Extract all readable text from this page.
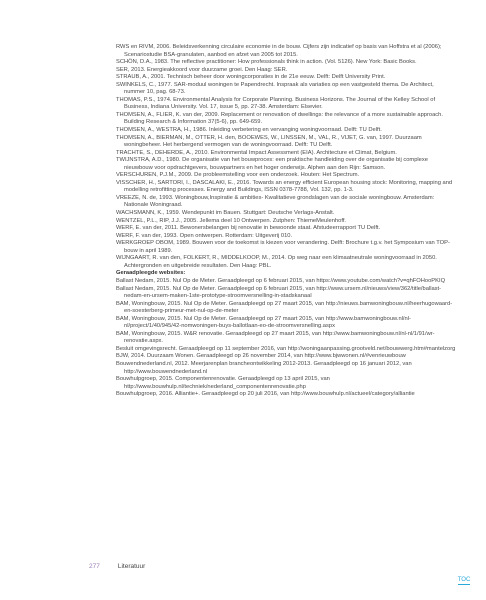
RWS en RIVM, 2006. Beleidsverkenning circulaire economie in de bouw. Cijfers zijn indicatief op basis van Hoffstra et al (2006); Scenariostudie BSA-granulaten, aanbod en afzet van 2005 tot 2015.
SCHÖN, D.A., 1983. The reflective practitioner: How professionals think in action. (Vol. 5126). New York: Basic Books.
SER, 2013. Energieakkoord voor duurzame groei. Den Haag: SER.
STRAUB, A., 2001. Technisch beheer door woningcorporaties in de 21e eeuw. Delft: Delft University Print.
SWINKELS, C., 1977. SAR-moduul woningen te Papendrecht. Inspraak als variaties op een vastgesteld thema. De Architect, nummer 10, pag. 68-73.
THOMAS, P.S., 1974. Environmental Analysis for Corporate Planning. Business Horizons. The Journal of the Kelley School of Business, Indiana University. Vol. 17, issue 5, pp. 27-38. Amsterdam: Elsevier.
THOMSEN, A., FLIER, K. van der, 2009. Replacement or renovation of dwellings: the relevance of a more sustainable approach. Building Research & Information 37(5-6), pp. 649-659.
THOMSEN, A., WESTRA, H., 1986. Inleiding verbetering en vervanging woningvoorraad. Delft: TU Delft.
THOMSEN, A., BIERMAN, M., OTTER, H. den, BOOEWES, W., LINSSEN, M., VAL, R., VIJET, G. van, 1997. Duurzaam woningbeheer. Het herbergend vermogen van de woningvoorraad. Delft: TU Delft.
TRACHTE, S., DEHERDE, A., 2010. Environmental Impact Assessment (EIA). Architecture et Climat, Belgium.
TWIJNSTRA, A.D., 1980. De organisatie van het bouwproces: een praktische handleiding over de organisatie bij complexe nieuwbouw voor opdrachtgevers, bouwpartners en het hoger onderwijs. Alphen aan den Rijn: Samson.
VERSCHUREN, P.J.M., 2009. De probleemstelling voor een onderzoek. Houten: Het Spectrum.
VISSCHER, H., SARTORI, I., DASCALAKI, E., 2016. Towards an energy efficient European housing stock: Monitoring, mapping and modelling retrofitting processes. Energy and Buildings, ISSN 0378-7788, Vol. 132, pp. 1-3.
VREEZE, N. de, 1993. Woningbouw,Inspiratie & ambities- Kwalitatieve grondslagen van de sociale woningbouw. Amsterdam: Nationale Woningraad.
WACHSMANN, K., 1959. Wendepunkt im Bauen. Stuttgart: Deutsche Verlags-Anstalt.
WENTZEL, P.L., RIP, J.J., 2005. Jellema deel 10 Ontwerpen. Zutphen: ThiemeMeulenhoff.
WERF, E. van der, 2011. Bewonersbelangen bij renovatie in bewoonde staat. Afstudeerrapport TU Delft.
WERF, F. van der, 1993. Open ontwerpen. Rotterdam: Uitgeverij 010.
WERKGROEP OBOM, 1989. Bouwen voor de toekomst is kiezen voor verandering. Delft: Brochure t.g.v. het Symposium van TOP-bouw in april 1989.
WIJNGAART, R. van den, FOLKERT, R., MIDDELKOOP, M., 2014. Op weg naar een klimaatneutrale woningvoorraad in 2050. Achtergronden en uitgebreide resultaten. Den Haag: PBL.
Geraadpleegde websites:
Ballast Nedam, 2015. Nul Op de Meter. Geraadpleegd op 6 februari 2015, van https://www.youtube.com/watch?v=qhFOHooPKIQ
Ballast Nedam, 2015. Nul Op de Meter. Geraadpleegd op 6 februari 2015, van http://www.ursem.nl/nieuws/view/362/title/ballast-nedam-en-ursem-maken-1ste-prototype-stroomversnelling-in-stadskanaal
BAM, Woningbouw, 2015. Nul Op de Meter. Geraadpleegd op 27 maart 2015, van http://nieuws.bamwoningbouw.nl/heerhugowaard-en-soesterberg-primeur-met-nul-op-de-meter
BAM, Woningbouw, 2015. Nul Op de Meter. Geraadpleegd op 27 maart 2015, van http://www.bamwoningbouw.nl/nl-nl/project/1/40/945/42-nomwoningen-buys-ballotlaan-eo-de-stroomversnelling.aspx
BAM, Woningbouw, 2015. W&R renovatie. Geraadpleegd op 27 maart 2015, van http://www.bamwoningbouw.nl/nl-nl/1/91/wr-renovatie.aspx.
Besluit omgevingsrecht. Geraadpleegd op 11 september 2016, van http://woningaanpassing.grootveld.net/bouwwerg.htm#mantelzorg
BJW, 2014. Duurzaam Wonen. Geraadpleegd op 26 november 2014, van http://www.bjwwonen.nl/#venrieuwbouw
Bouwendnederland.nl, 2012. Meerjarenplan brancheontwikkeling 2012-2013. Geraadpleegd op 16 januari 2012, van http://www.bouwendnederland.nl
Bouwhulpgroep, 2015. Componentenrenovatie. Geraadpleegd op 13 april 2015, van http://www.bouwhulp.nl/techniek/nederland_componentenrenovatie.php
Bouwhulpgroep, 2016. Alliantie+. Geraadpleegd op 20 juli 2016, van http://www.bouwhulp.nl/actueel/category/alliantie
277	Literatuur
TOC
